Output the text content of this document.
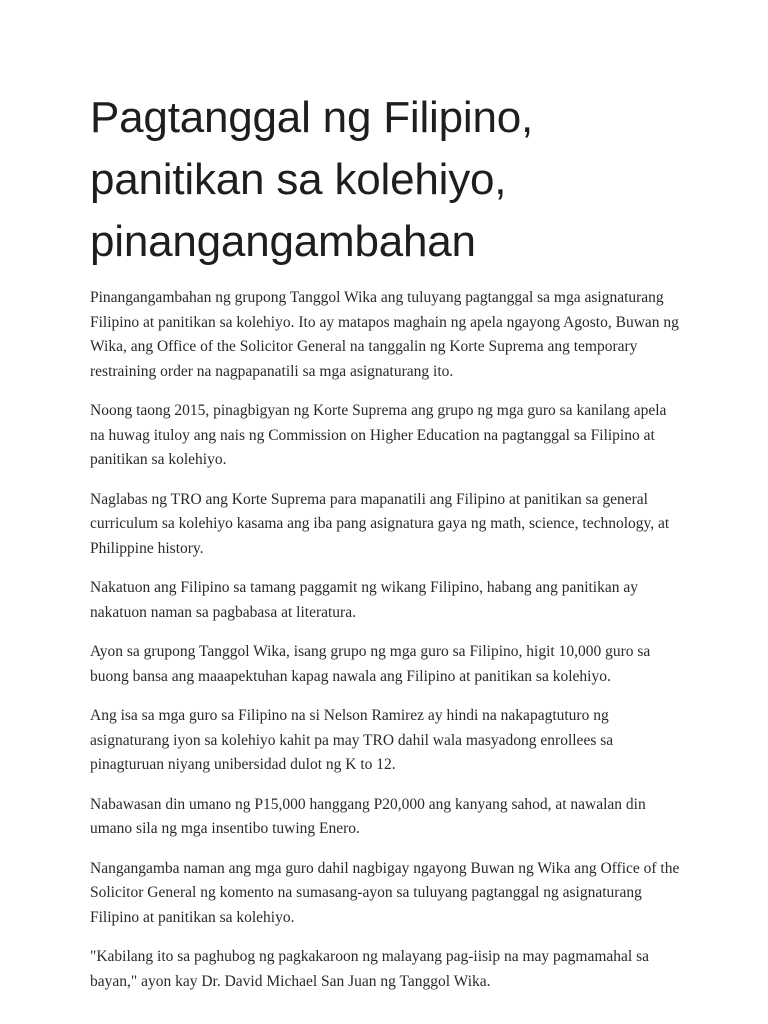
Pagtanggal ng Filipino, panitikan sa kolehiyo, pinangangambahan

Pinangangambahan ng grupong Tanggol Wika ang tuluyang pagtanggal sa mga asignaturang Filipino at panitikan sa kolehiyo. Ito ay matapos maghain ng apela ngayong Agosto, Buwan ng Wika, ang Office of the Solicitor General na tanggalin ng Korte Suprema ang temporary restraining order na nagpapanatili sa mga asignaturang ito.

Noong taong 2015, pinagbigyan ng Korte Suprema ang grupo ng mga guro sa kanilang apela na huwag ituloy ang nais ng Commission on Higher Education na pagtanggal sa Filipino at panitikan sa kolehiyo.

Naglabas ng TRO ang Korte Suprema para mapanatili ang Filipino at panitikan sa general curriculum sa kolehiyo kasama ang iba pang asignatura gaya ng math, science, technology, at Philippine history.

Nakatuon ang Filipino sa tamang paggamit ng wikang Filipino, habang ang panitikan ay nakatuon naman sa pagbabasa at literatura.

Ayon sa grupong Tanggol Wika, isang grupo ng mga guro sa Filipino, higit 10,000 guro sa buong bansa ang maaapektuhan kapag nawala ang Filipino at panitikan sa kolehiyo.

Ang isa sa mga guro sa Filipino na si Nelson Ramirez ay hindi na nakapagtuturo ng asignaturang iyon sa kolehiyo kahit pa may TRO dahil wala masyadong enrollees sa pinagturuan niyang unibersidad dulot ng K to 12.

Nabawasan din umano ng P15,000 hanggang P20,000 ang kanyang sahod, at nawalan din umano sila ng mga insentibo tuwing Enero.

Nangangamba naman ang mga guro dahil nagbigay ngayong Buwan ng Wika ang Office of the Solicitor General ng komento na sumasang-ayon sa tuluyang pagtanggal ng asignaturang Filipino at panitikan sa kolehiyo.

"Kabilang ito sa paghubog ng pagkakaroon ng malayang pag-iisip na may pagmamahal sa bayan," ayon kay Dr. David Michael San Juan ng Tanggol Wika.
